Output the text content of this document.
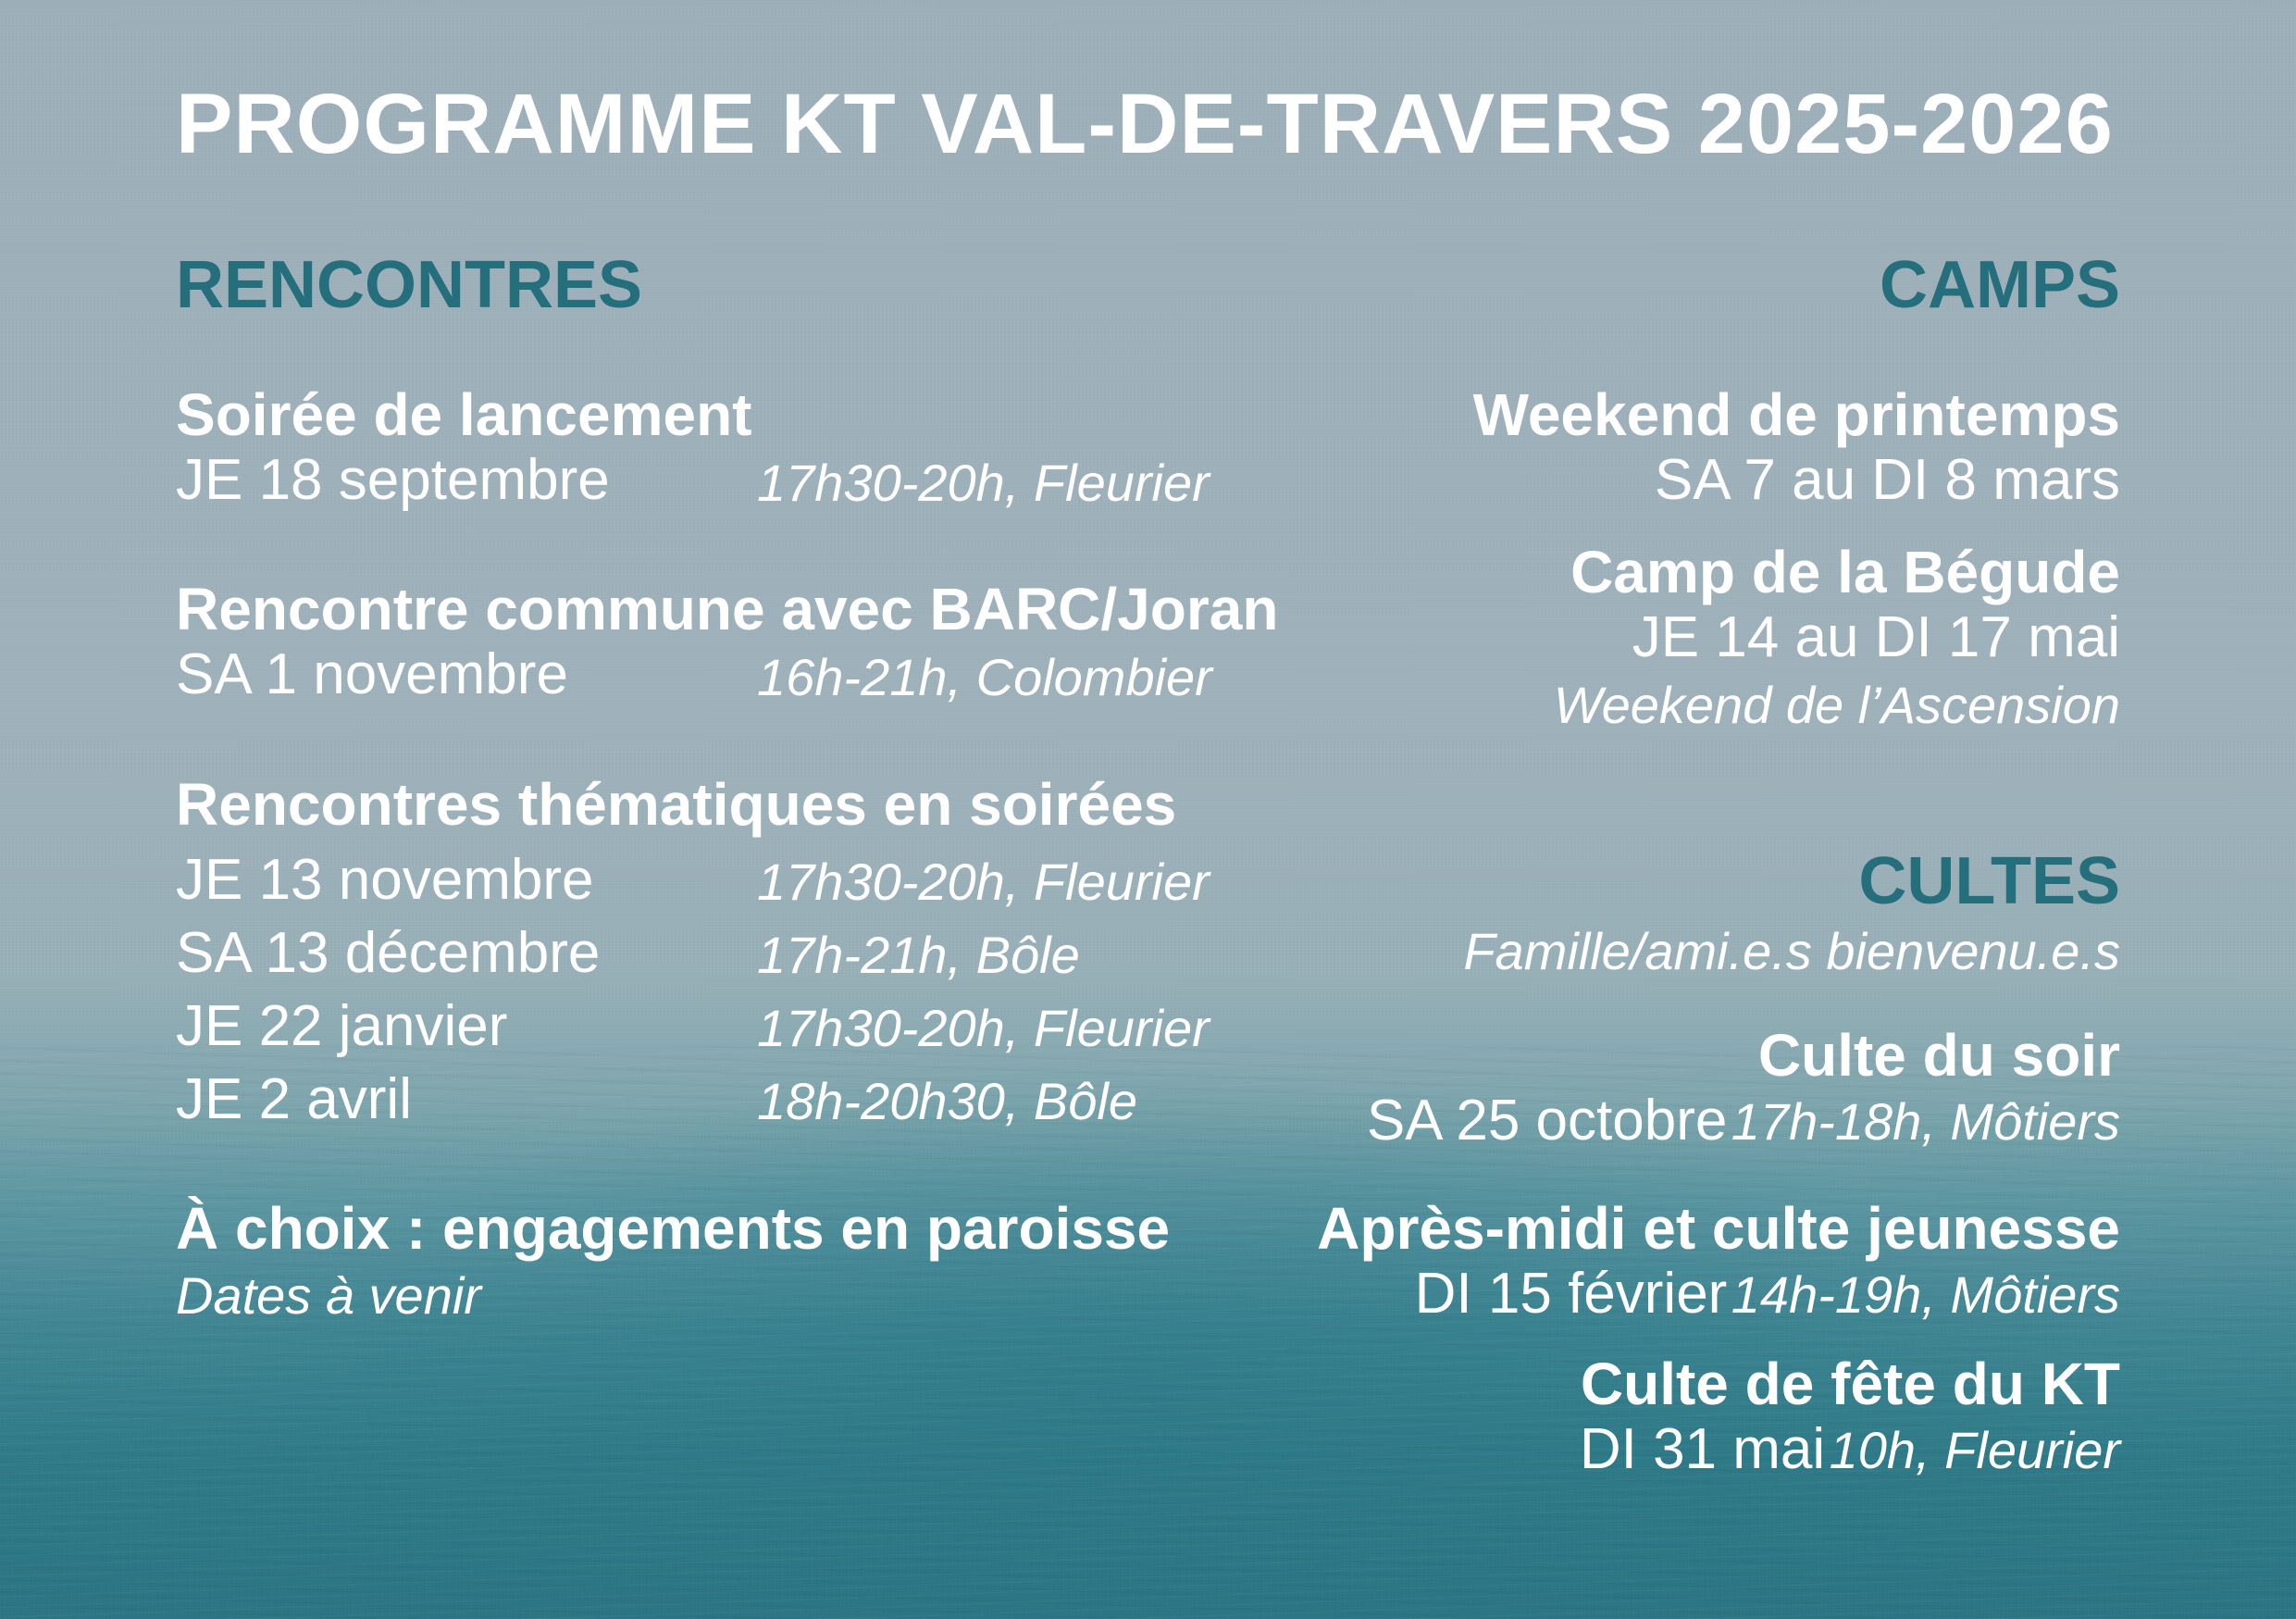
PROGRAMME KT VAL-DE-TRAVERS 2025-2026
RENCONTRES
Soirée de lancement
JE 18 septembre	17h30-20h, Fleurier
Rencontre commune avec BARC/Joran
SA 1 novembre	16h-21h, Colombier
Rencontres thématiques en soirées
JE 13 novembre	17h30-20h, Fleurier
SA 13 décembre	17h-21h, Bôle
JE 22 janvier	17h30-20h, Fleurier
JE 2 avril	18h-20h30, Bôle
À choix : engagements en paroisse
Dates à venir
CAMPS
Weekend de printemps
SA 7 au DI 8 mars
Camp de la Bégude
JE 14 au DI 17 mai
Weekend de l’Ascension
CULTES
Famille/ami.e.s bienvenu.e.s
Culte du soir
SA 25 octobre 17h-18h, Môtiers
Après-midi et culte jeunesse
DI 15 février 14h-19h, Môtiers
Culte de fête du KT
DI 31 mai 10h, Fleurier
